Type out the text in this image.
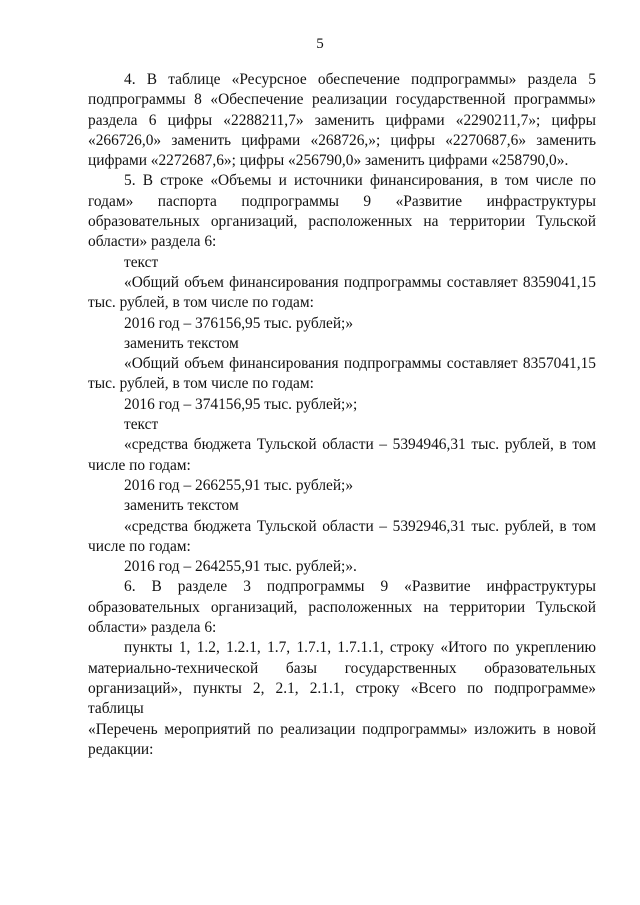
5

4. В таблице «Ресурсное обеспечение подпрограммы» раздела 5

подпрограммы 8 «Обеспечение реализации государственной программы»

раздела 6 цифры «2288211,7» заменить цифрами «2290211,7»; цифры

«266726,0» заменить цифрами «268726,»; цифры «2270687,6» заменить

цифрами «2272687,6»; цифры «256790,0» заменить цифрами «258790,0».

5. В строке «Объемы и источники финансирования, в том числе по

годам» паспорта подпрограммы 9 «Развитие инфраструктуры

образовательных организаций, расположенных на территории Тульской

области» раздела 6:

текст

«Общий объем финансирования подпрограммы составляет 8359041,15

тыс. рублей, в том числе по годам:

2016 год – 376156,95 тыс. рублей;»

заменить текстом

«Общий объем финансирования подпрограммы составляет 8357041,15

тыс. рублей, в том числе по годам:

2016 год – 374156,95 тыс. рублей;»;

текст

«средства бюджета Тульской области – 5394946,31 тыс. рублей, в том

числе по годам:

2016 год – 266255,91 тыс. рублей;»

заменить текстом

«средства бюджета Тульской области – 5392946,31 тыс. рублей, в том

числе по годам:

2016 год – 264255,91 тыс. рублей;».

6. В разделе 3 подпрограммы 9 «Развитие инфраструктуры

образовательных организаций, расположенных на территории Тульской

области» раздела 6:

пункты 1, 1.2, 1.2.1, 1.7, 1.7.1, 1.7.1.1, строку «Итого по укреплению

материально-технической базы государственных образовательных

организаций», пункты 2, 2.1, 2.1.1, строку «Всего по подпрограмме» таблицы

«Перечень мероприятий по реализации подпрограммы» изложить в новой

редакции:
